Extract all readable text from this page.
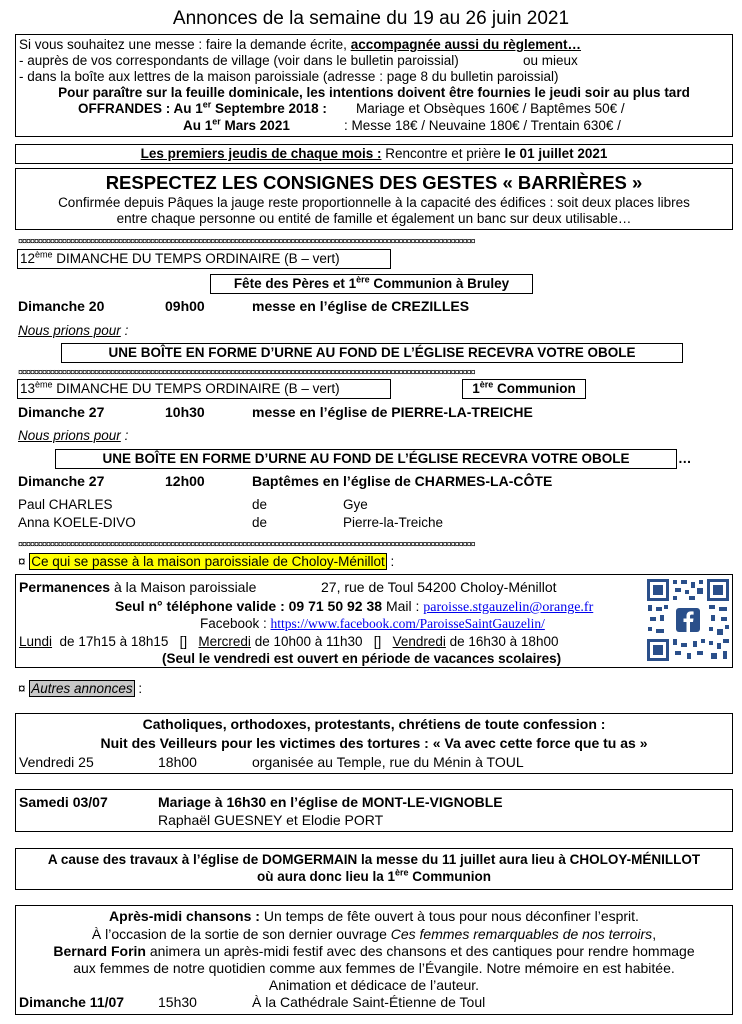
Annonces de la semaine du 19 au 26 juin 2021
Si vous souhaitez une messe : faire la demande écrite, accompagnée aussi du règlement…
- auprès de vos correspondants de village (voir dans le bulletin paroissial)	ou mieux
- dans la boîte aux lettres de la maison paroissiale (adresse : page 8 du bulletin paroissial)
Pour paraître sur la feuille dominicale, les intentions doivent être fournies le jeudi soir au plus tard
OFFRANDES : Au 1er Septembre 2018 : Mariage et Obsèques 160€ / Baptêmes 50€ /
Au 1er Mars 2021	: Messe 18€ / Neuvaine 180€ / Trentain 630€ /
Les premiers jeudis de chaque mois : Rencontre et prière le 01 juillet 2021
RESPECTEZ LES CONSIGNES DES GESTES « BARRIÈRES »
Confirmée depuis Pâques la jauge reste proportionnelle à la capacité des édifices : soit deux places libres
entre chaque personne ou entité de famille et également un banc sur deux utilisable…
¤¤¤¤¤¤¤¤¤¤¤¤¤¤¤¤¤¤¤¤¤¤¤¤¤¤¤¤¤¤¤¤¤¤¤¤¤¤¤¤¤¤¤¤¤¤¤¤¤¤¤¤¤¤¤¤¤¤¤¤¤¤¤¤¤¤¤¤¤¤¤¤¤¤¤¤¤¤¤¤¤¤¤¤¤¤¤¤¤¤¤¤¤¤¤¤¤¤¤¤¤¤¤¤¤¤¤¤¤¤¤¤¤¤
12ème DIMANCHE DU TEMPS ORDINAIRE (B – vert)
Fête des Pères et 1ère Communion à Bruley
Dimanche 20	09h00	messe en l’église de CREZILLES
Nous prions pour :
UNE BOÎTE EN FORME D’URNE AU FOND DE L’ÉGLISE RECEVRA VOTRE OBOLE
¤¤¤¤¤¤¤¤¤¤¤¤¤¤¤¤¤¤¤¤¤¤¤¤¤¤¤¤¤¤¤¤¤¤¤¤¤¤¤¤¤¤¤¤¤¤¤¤¤¤¤¤¤¤¤¤¤¤¤¤¤¤¤¤¤¤¤¤¤¤¤¤¤¤¤¤¤¤¤¤¤¤¤¤¤¤¤¤¤¤¤¤¤¤¤¤¤¤¤¤¤¤¤¤¤¤¤¤¤¤¤¤¤¤
13ème DIMANCHE DU TEMPS ORDINAIRE (B – vert)	1ère Communion
Dimanche 27	10h30	messe en l’église de PIERRE-LA-TREICHE
Nous prions pour :
UNE BOÎTE EN FORME D’URNE AU FOND DE L’ÉGLISE RECEVRA VOTRE OBOLE	…
Dimanche 27	12h00	Baptêmes en l’église de CHARMES-LA-CÔTE
Paul CHARLES	de	Gye
Anna KOELE-DIVO	de	Pierre-la-Treiche
¤¤¤¤¤¤¤¤¤¤¤¤¤¤¤¤¤¤¤¤¤¤¤¤¤¤¤¤¤¤¤¤¤¤¤¤¤¤¤¤¤¤¤¤¤¤¤¤¤¤¤¤¤¤¤¤¤¤¤¤¤¤¤¤¤¤¤¤¤¤¤¤¤¤¤¤¤¤¤¤¤¤¤¤¤¤¤¤¤¤¤¤¤¤¤¤¤¤¤¤¤¤¤¤¤¤¤¤¤¤¤¤¤¤
¤ Ce qui se passe à la maison paroissiale de Choloy-Ménillot :
Permanences à la Maison paroissiale	27, rue de Toul 54200 Choloy-Ménillot
Seul n° téléphone valide : 09 71 50 92 38 Mail : paroisse.stgauzelin@orange.fr
Facebook : https://www.facebook.com/ParoisseSaintGauzelin/
Lundi  de 17h15 à 18h15   []   Mercredi de 10h00 à 11h30   []   Vendredi de 16h30 à 18h00
(Seul le vendredi est ouvert en période de vacances scolaires)
¤ Autres annonces :
Catholiques, orthodoxes, protestants, chrétiens de toute confession :
Nuit des Veilleurs pour les victimes des tortures : « Va avec cette force que tu as »
Vendredi 25	18h00	organisée au Temple, rue du Ménin à TOUL
Samedi 03/07	Mariage à 16h30 en l’église de MONT-LE-VIGNOBLE
Raphaël GUESNEY et Elodie PORT
A cause des travaux à l’église de DOMGERMAIN la messe du 11 juillet aura lieu à CHOLOY-MÉNILLOT
où aura donc lieu la 1ère Communion
Après-midi chansons : Un temps de fête ouvert à tous pour nous déconfiner l’esprit.
À l’occasion de la sortie de son dernier ouvrage Ces femmes remarquables de nos terroirs,
Bernard Forin animera un après-midi festif avec des chansons et des cantiques pour rendre hommage
aux femmes de notre quotidien comme aux femmes de l’Évangile. Notre mémoire en est habitée.
Animation et dédicace de l’auteur.
Dimanche 11/07 15h30	À la Cathédrale Saint-Étienne de Toul
